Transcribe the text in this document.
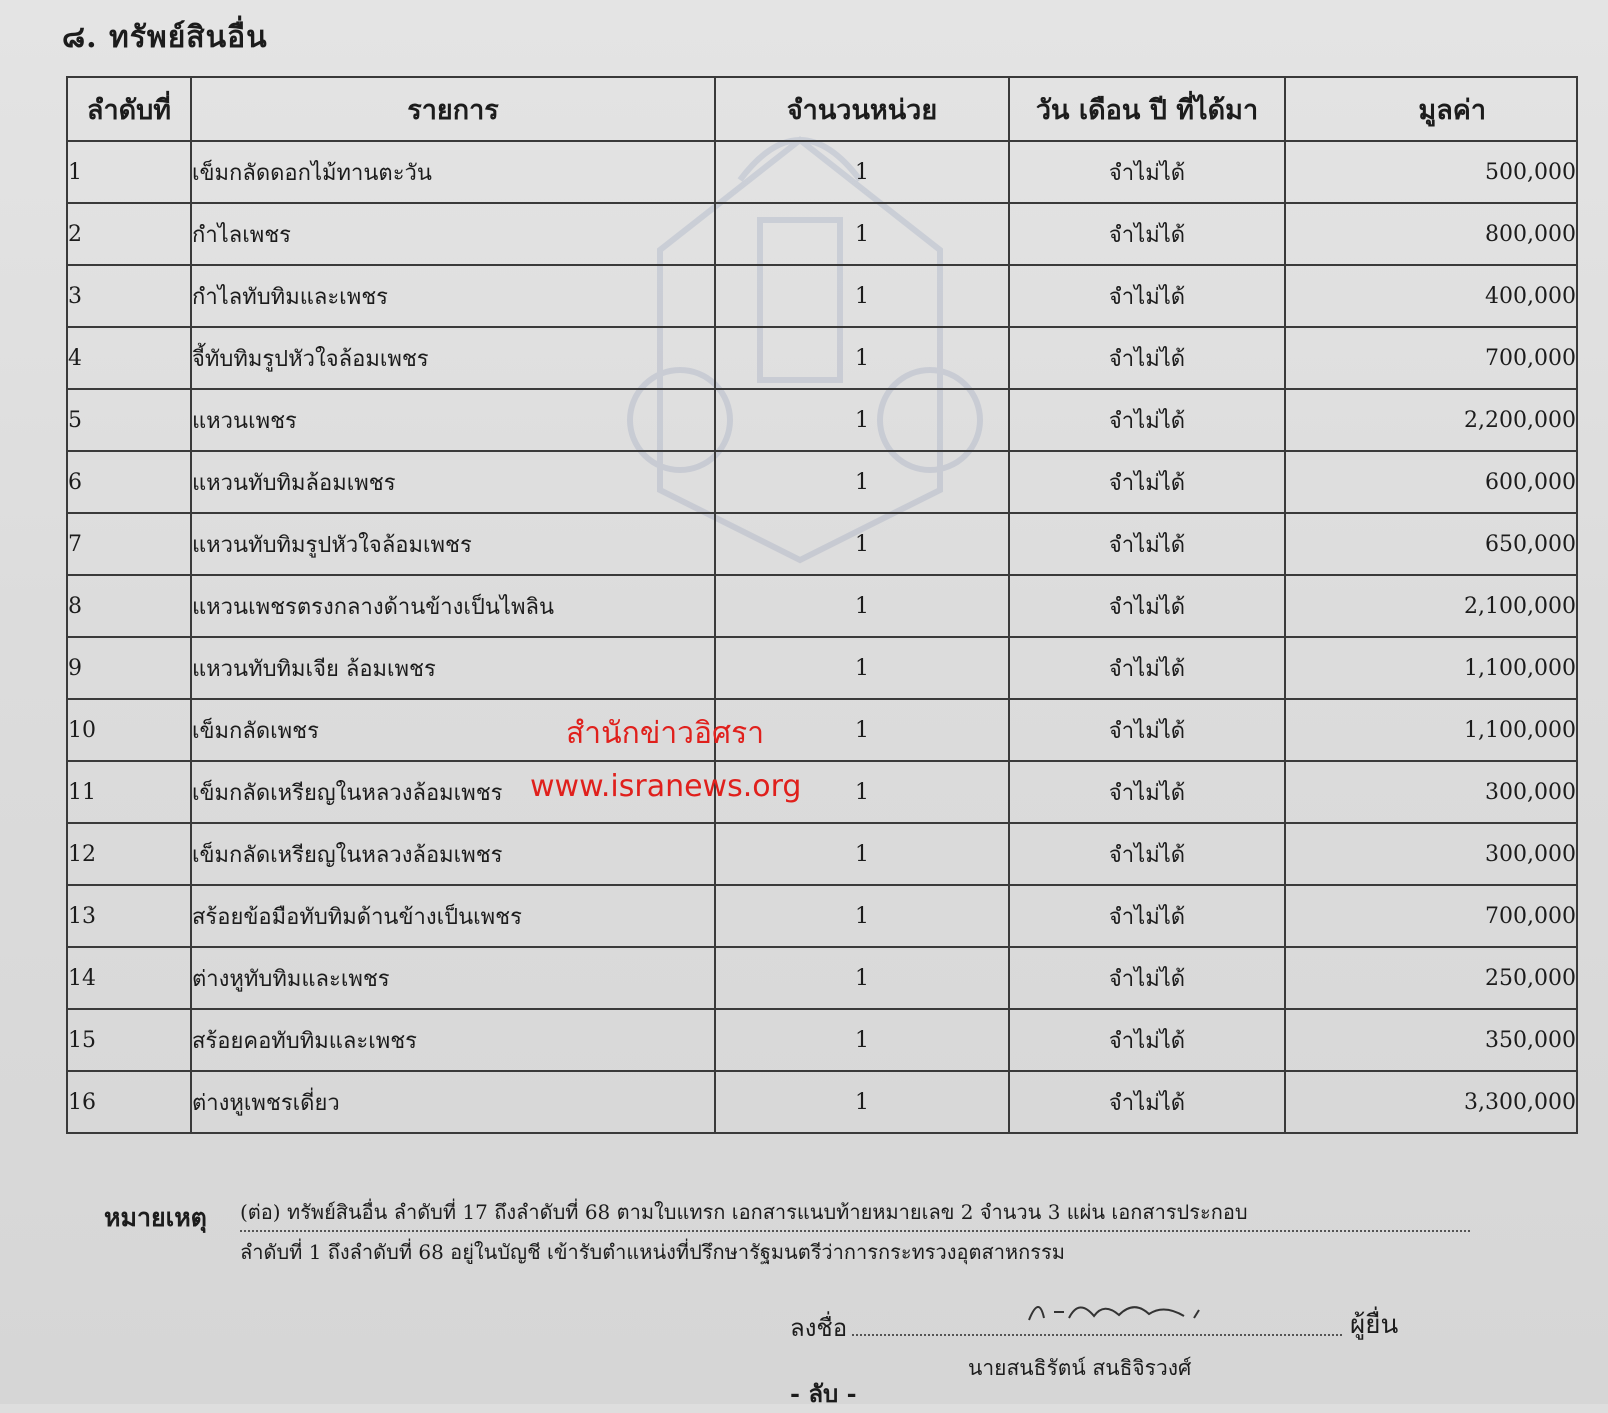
๘. ทรัพย์สินอื่น
ลำดับที่	รายการ	จำนวนหน่วย	วัน เดือน ปี ที่ได้มา	มูลค่า
1	เข็มกลัดดอกไม้ทานตะวัน	1	จำไม่ได้	500,000
2	กำไลเพชร	1	จำไม่ได้	800,000
3	กำไลทับทิมและเพชร	1	จำไม่ได้	400,000
4	จี้ทับทิมรูปหัวใจล้อมเพชร	1	จำไม่ได้	700,000
5	แหวนเพชร	1	จำไม่ได้	2,200,000
6	แหวนทับทิมล้อมเพชร	1	จำไม่ได้	600,000
7	แหวนทับทิมรูปหัวใจล้อมเพชร	1	จำไม่ได้	650,000
8	แหวนเพชรตรงกลางด้านข้างเป็นไพลิน	1	จำไม่ได้	2,100,000
9	แหวนทับทิมเจีย ล้อมเพชร	1	จำไม่ได้	1,100,000
10	เข็มกลัดเพชร	1	จำไม่ได้	1,100,000
11	เข็มกลัดเหรียญในหลวงล้อมเพชร	1	จำไม่ได้	300,000
12	เข็มกลัดเหรียญในหลวงล้อมเพชร	1	จำไม่ได้	300,000
13	สร้อยข้อมือทับทิมด้านข้างเป็นเพชร	1	จำไม่ได้	700,000
14	ต่างหูทับทิมและเพชร	1	จำไม่ได้	250,000
15	สร้อยคอทับทิมและเพชร	1	จำไม่ได้	350,000
16	ต่างหูเพชรเดี่ยว	1	จำไม่ได้	3,300,000
สำนักข่าวอิศรา
www.isranews.org
หมายเหตุ (ต่อ) ทรัพย์สินอื่น ลำดับที่ 17 ถึงลำดับที่ 68 ตามใบแทรก เอกสารแนบท้ายหมายเลข 2 จำนวน 3 แผ่น เอกสารประกอบ
ลำดับที่ 1 ถึงลำดับที่ 68 อยู่ในบัญชี เข้ารับตำแหน่งที่ปรึกษารัฐมนตรีว่าการกระทรวงอุตสาหกรรม
ลงชื่อ	ผู้ยื่น
นายสนธิรัตน์ สนธิจิรวงศ์
- ลับ -
